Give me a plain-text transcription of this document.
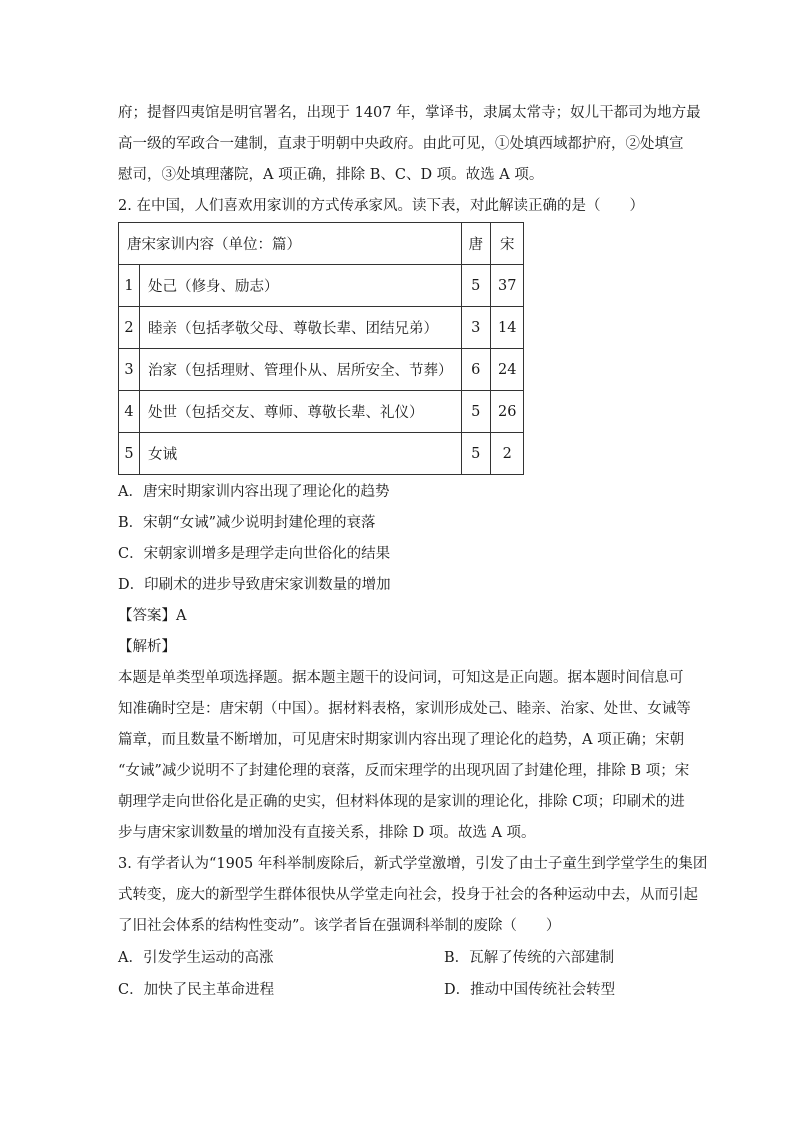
府；提督四夷馆是明官署名，出现于 1407 年，掌译书，隶属太常寺；奴儿干都司为地方最
高一级的军政合一建制，直隶于明朝中央政府。由此可见，①处填西域都护府，②处填宣
慰司，③处填理藩院，A 项正确，排除 B、C、D 项。故选 A 项。
2. 在中国，人们喜欢用家训的方式传承家风。读下表，对此解读正确的是（　　）
唐宋家训内容（单位：篇）		唐	宋
1	处己（修身、励志）	5	37
2	睦亲（包括孝敬父母、尊敬长辈、团结兄弟）	3	14
3	治家（包括理财、管理仆从、居所安全、节葬）	6	24
4	处世（包括交友、尊师、尊敬长辈、礼仪）	5	26
5	女诫	5	2
A．唐宋时期家训内容出现了理论化的趋势
B．宋朝“女诫”减少说明封建伦理的衰落
C．宋朝家训增多是理学走向世俗化的结果
D．印刷术的进步导致唐宋家训数量的增加
【答案】A
【解析】
本题是单类型单项选择题。据本题主题干的设问词，可知这是正向题。据本题时间信息可
知准确时空是：唐宋朝（中国）。据材料表格，家训形成处己、睦亲、治家、处世、女诫等
篇章，而且数量不断增加，可见唐宋时期家训内容出现了理论化的趋势，A 项正确；宋朝
“女诫”减少说明不了封建伦理的衰落，反而宋理学的出现巩固了封建伦理，排除 B 项；宋
朝理学走向世俗化是正确的史实，但材料体现的是家训的理论化，排除 C项；印刷术的进
步与唐宋家训数量的增加没有直接关系，排除 D 项。故选 A 项。
3. 有学者认为“1905 年科举制废除后，新式学堂激增，引发了由士子童生到学堂学生的集团
式转变，庞大的新型学生群体很快从学堂走向社会，投身于社会的各种运动中去，从而引起
了旧社会体系的结构性变动”。该学者旨在强调科举制的废除（　　）
A．引发学生运动的高涨	B．瓦解了传统的六部建制
C．加快了民主革命进程	D．推动中国传统社会转型
